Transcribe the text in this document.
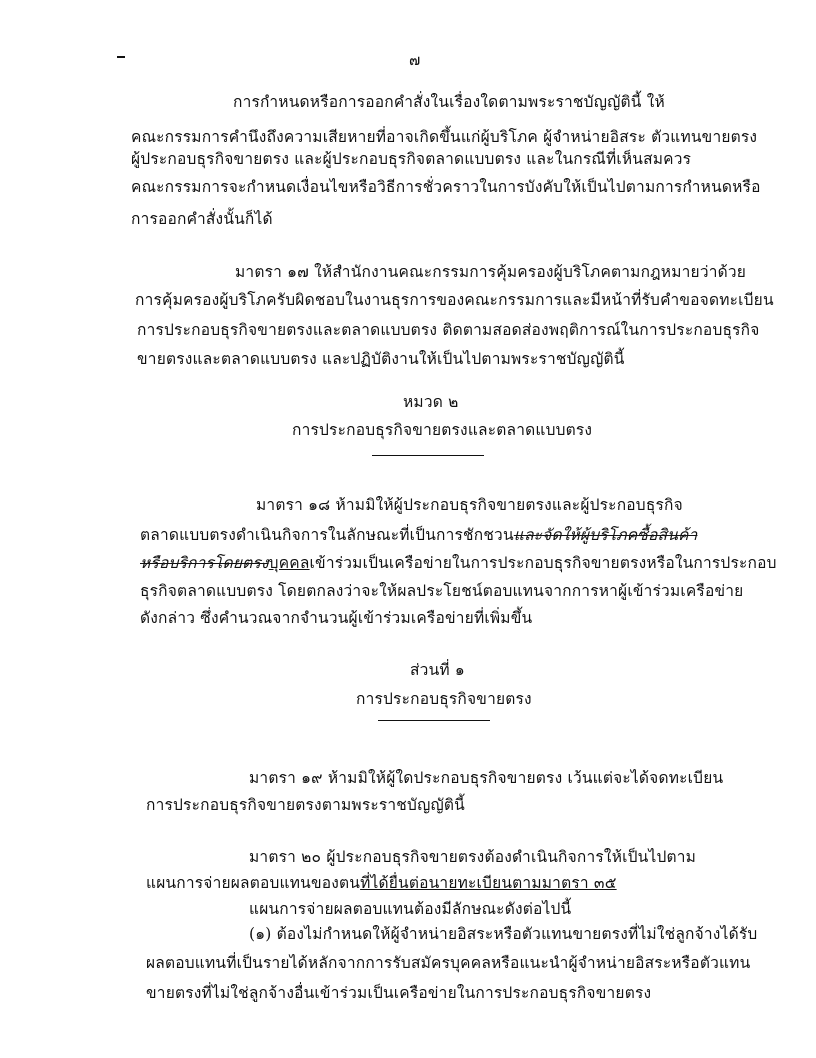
๗
การกำหนดหรือการออกคำสั่งในเรื่องใดตามพระราชบัญญัตินี้ ให้
คณะกรรมการคำนึงถึงความเสียหายที่อาจเกิดขึ้นแก่ผู้บริโภค ผู้จำหน่ายอิสระ ตัวแทนขายตรง
ผู้ประกอบธุรกิจขายตรง และผู้ประกอบธุรกิจตลาดแบบตรง และในกรณีที่เห็นสมควร
คณะกรรมการจะกำหนดเงื่อนไขหรือวิธีการชั่วคราวในการบังคับให้เป็นไปตามการกำหนดหรือ
การออกคำสั่งนั้นก็ได้
มาตรา ๑๗ ให้สำนักงานคณะกรรมการคุ้มครองผู้บริโภคตามกฎหมายว่าด้วย
การคุ้มครองผู้บริโภครับผิดชอบในงานธุรการของคณะกรรมการและมีหน้าที่รับคำขอจดทะเบียน
การประกอบธุรกิจขายตรงและตลาดแบบตรง ติดตามสอดส่องพฤติการณ์ในการประกอบธุรกิจ
ขายตรงและตลาดแบบตรง และปฏิบัติงานให้เป็นไปตามพระราชบัญญัตินี้
หมวด ๒
การประกอบธุรกิจขายตรงและตลาดแบบตรง
มาตรา ๑๘ ห้ามมิให้ผู้ประกอบธุรกิจขายตรงและผู้ประกอบธุรกิจ
ตลาดแบบตรงดำเนินกิจการในลักษณะที่เป็นการชักชวนและจัดให้ผู้บริโภคซื้อสินค้า
หรือบริการโดยตรงบุคคลเข้าร่วมเป็นเครือข่ายในการประกอบธุรกิจขายตรงหรือในการประกอบ
ธุรกิจตลาดแบบตรง โดยตกลงว่าจะให้ผลประโยชน์ตอบแทนจากการหาผู้เข้าร่วมเครือข่าย
ดังกล่าว ซึ่งคำนวณจากจำนวนผู้เข้าร่วมเครือข่ายที่เพิ่มขึ้น
ส่วนที่ ๑
การประกอบธุรกิจขายตรง
มาตรา ๑๙ ห้ามมิให้ผู้ใดประกอบธุรกิจขายตรง เว้นแต่จะได้จดทะเบียน
การประกอบธุรกิจขายตรงตามพระราชบัญญัตินี้
มาตรา ๒๐ ผู้ประกอบธุรกิจขายตรงต้องดำเนินกิจการให้เป็นไปตาม
แผนการจ่ายผลตอบแทนของตนที่ได้ยื่นต่อนายทะเบียนตามมาตรา ๓๕
แผนการจ่ายผลตอบแทนต้องมีลักษณะดังต่อไปนี้
(๑) ต้องไม่กำหนดให้ผู้จำหน่ายอิสระหรือตัวแทนขายตรงที่ไม่ใช่ลูกจ้างได้รับ
ผลตอบแทนที่เป็นรายได้หลักจากการรับสมัครบุคคลหรือแนะนำผู้จำหน่ายอิสระหรือตัวแทน
ขายตรงที่ไม่ใช่ลูกจ้างอื่นเข้าร่วมเป็นเครือข่ายในการประกอบธุรกิจขายตรง
